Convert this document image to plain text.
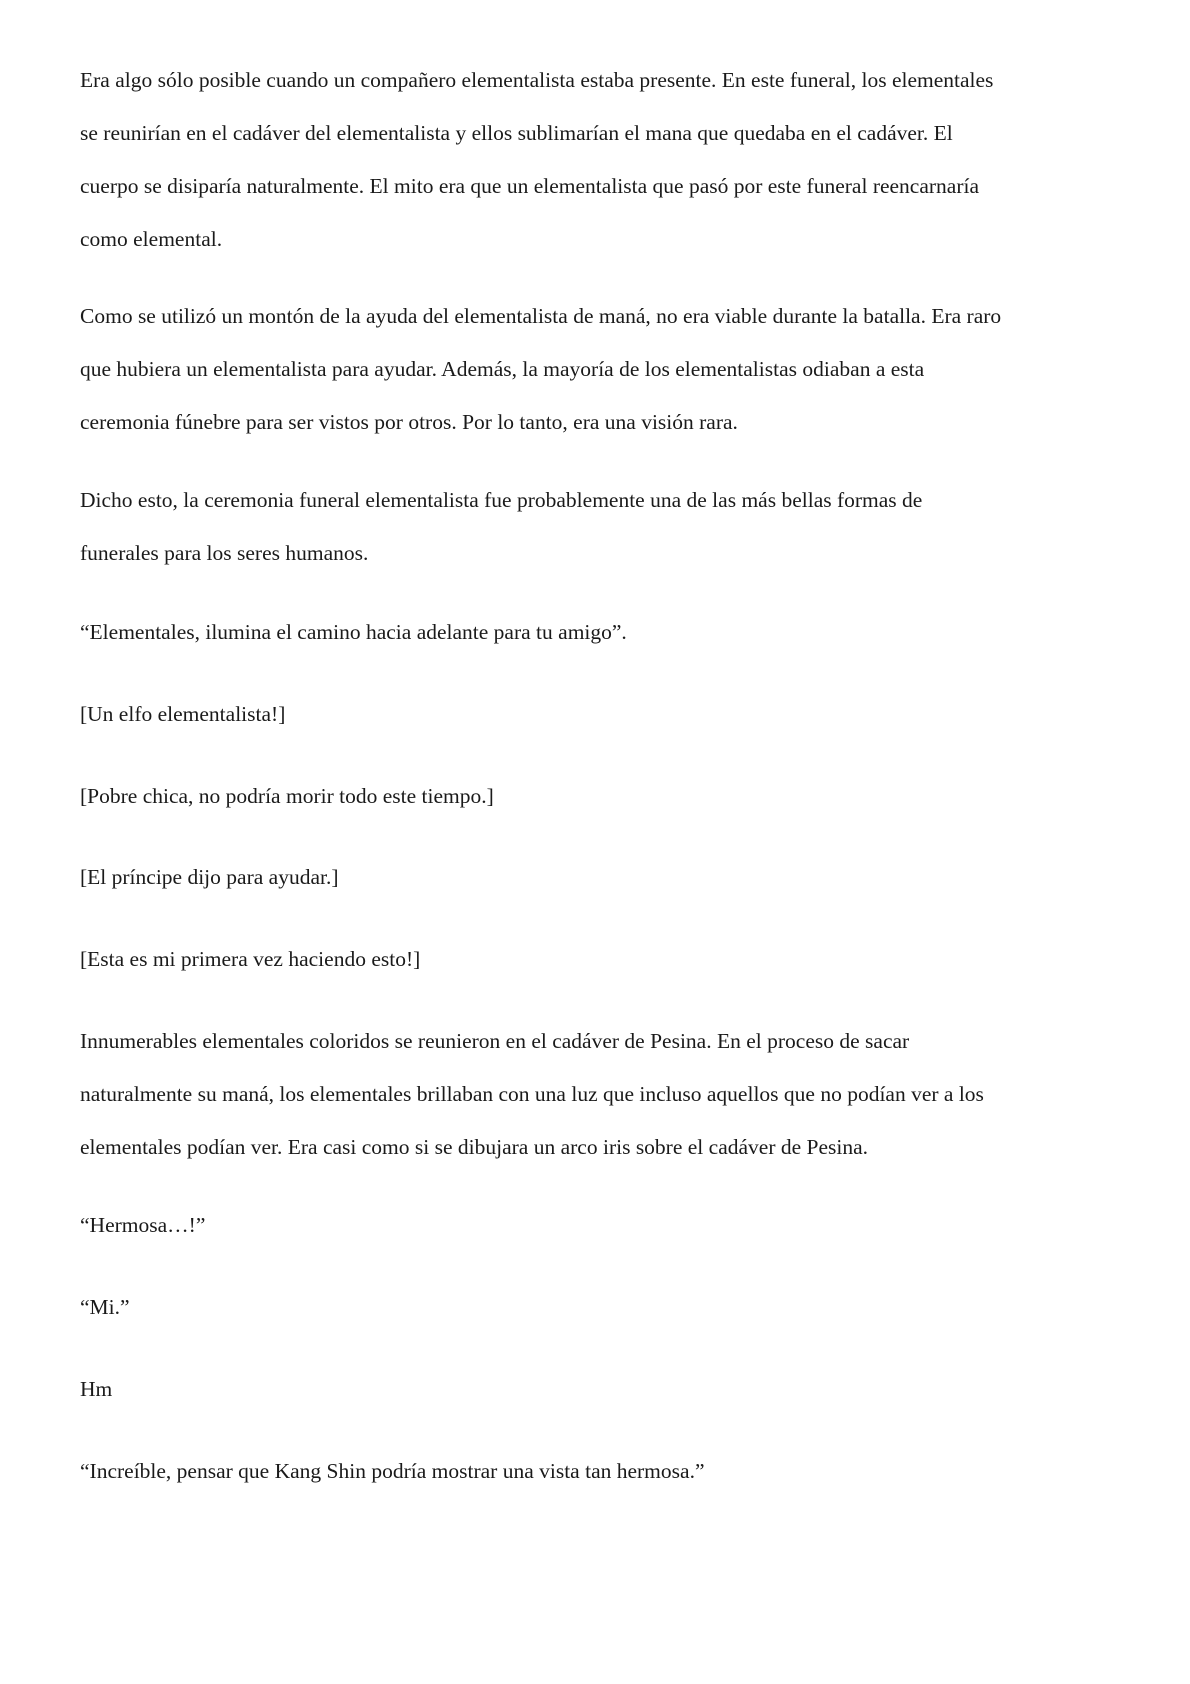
Era algo sólo posible cuando un compañero elementalista estaba presente. En este funeral, los elementales
se reunirían en el cadáver del elementalista y ellos sublimarían el mana que quedaba en el cadáver. El
cuerpo se disiparía naturalmente. El mito era que un elementalista que pasó por este funeral reencarnaría
como elemental.
Como se utilizó un montón de la ayuda del elementalista de maná, no era viable durante la batalla. Era raro
que hubiera un elementalista para ayudar. Además, la mayoría de los elementalistas odiaban a esta
ceremonia fúnebre para ser vistos por otros. Por lo tanto, era una visión rara.
Dicho esto, la ceremonia funeral elementalista fue probablemente una de las más bellas formas de
funerales para los seres humanos.
“Elementales, ilumina el camino hacia adelante para tu amigo”.
[Un elfo elementalista!]
[Pobre chica, no podría morir todo este tiempo.]
[El príncipe dijo para ayudar.]
[Esta es mi primera vez haciendo esto!]
Innumerables elementales coloridos se reunieron en el cadáver de Pesina. En el proceso de sacar
naturalmente su maná, los elementales brillaban con una luz que incluso aquellos que no podían ver a los
elementales podían ver. Era casi como si se dibujara un arco iris sobre el cadáver de Pesina.
“Hermosa…!”
“Mi.”
Hm
“Increíble, pensar que Kang Shin podría mostrar una vista tan hermosa.”
